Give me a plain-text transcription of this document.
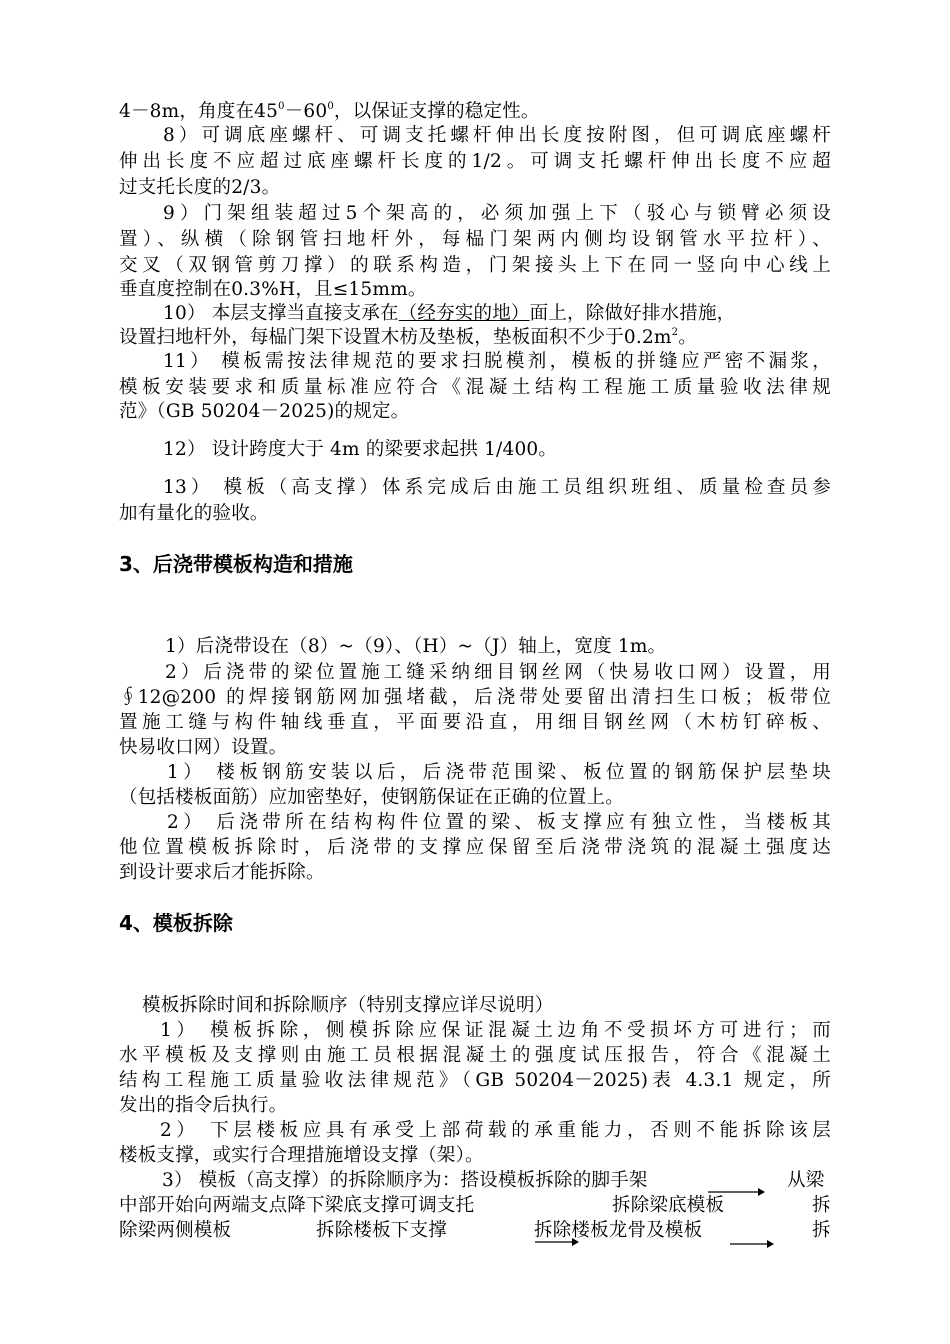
4－8m，角度在$45^0-60^0$，以保证支撑的稳定性。
8）可调底座螺杆、可调支托螺杆伸出长度按附图，但可调底座螺杆
伸出长度不应超过底座螺杆长度的1/2。可调支托螺杆伸出长度不应超
过支托长度的2/3。
9）门架组装超过5个架高的，必须加强上下（驳心与锁臂必须设
置）、纵横（除钢管扫地杆外，每榀门架两内侧均设钢管水平拉杆）、
交叉（双钢管剪刀撑）的联系构造，门架接头上下在同一竖向中心线上
垂直度控制在0.3%H，且≤15mm。
10） 本层支撑当直接支承在（经夯实的地）面上，除做好排水措施，
设置扫地杆外，每榀门架下设置木枋及垫板，垫板面积不少于$0.2m^2$。
11） 模板需按法律规范的要求扫脱模剂，模板的拼缝应严密不漏浆，
模板安装要求和质量标准应符合《混凝土结构工程施工质量验收法律规
范》（GB 50204－2025)的规定。
12） 设计跨度大于 4m 的梁要求起拱 1/400。
13） 模板（高支撑）体系完成后由施工员组织班组、质量检查员参
加有量化的验收。
3、后浇带模板构造和措施
1）后浇带设在（8）~（9）、（H）~（J）轴上，宽度 1m。
2）后浇带的梁位置施工缝采纳细目钢丝网（快易收口网）设置，用
∮12@200 的焊接钢筋网加强堵截，后浇带处要留出清扫生口板；板带位
置施工缝与构件轴线垂直，平面要沿直，用细目钢丝网（木枋钉碎板、
快易收口网）设置。
1） 楼板钢筋安装以后，后浇带范围梁、板位置的钢筋保护层垫块
（包括楼板面筋）应加密垫好，使钢筋保证在正确的位置上。
2） 后浇带所在结构构件位置的梁、板支撑应有独立性，当楼板其
他位置模板拆除时，后浇带的支撑应保留至后浇带浇筑的混凝土强度达
到设计要求后才能拆除。
4、模板拆除
模板拆除时间和拆除顺序（特别支撑应详尽说明）
1） 模板拆除，侧模拆除应保证混凝土边角不受损坏方可进行；而
水平模板及支撑则由施工员根据混凝土的强度试压报告，符合《混凝土
结构工程施工质量验收法律规范》（GB 50204－2025)表 4.3.1 规定，所
发出的指令后执行。
2） 下层楼板应具有承受上部荷载的承重能力，否则不能拆除该层
楼板支撑，或实行合理措施增设支撑（架）。
3） 模板（高支撑）的拆除顺序为：搭设模板拆除的脚手架	从梁
中部开始向两端支点降下梁底支撑可调支托	拆除梁底模板	拆
除梁两侧模板	拆除楼板下支撑	拆除楼板龙骨及模板	拆
